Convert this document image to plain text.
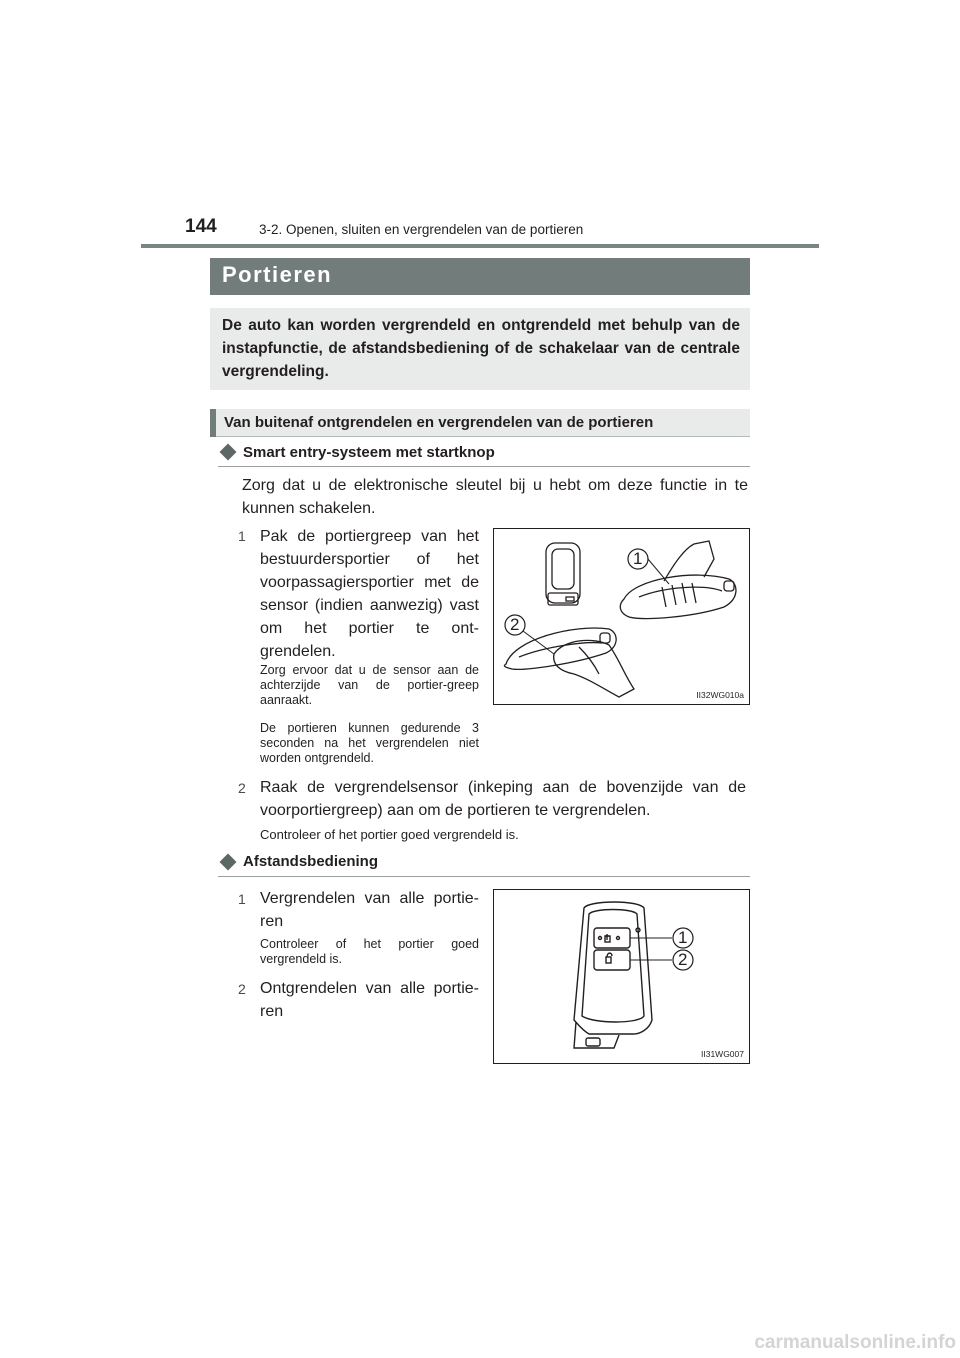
144	3-2. Openen, sluiten en vergrendelen van de portieren
Portieren
De auto kan worden vergrendeld en ontgrendeld met behulp van de instapfunctie, de afstandsbediening of de schakelaar van de centrale vergrendeling.
Van buitenaf ontgrendelen en vergrendelen van de portieren
Smart entry-systeem met startknop
Zorg dat u de elektronische sleutel bij u hebt om deze functie in te kunnen schakelen.
1 Pak de portiergreep van het bestuurdersportier of het voorpassagiersportier met de sensor (indien aanwezig) vast om het portier te ont-grendelen.
Zorg ervoor dat u de sensor aan de achterzijde van de portier-greep aanraakt.
De portieren kunnen gedurende 3 seconden na het vergrendelen niet worden ontgrendeld.
1
2
II32WG010a
2 Raak de vergrendelsensor (inkeping aan de bovenzijde van de voorportiergreep) aan om de portieren te vergrendelen.
Controleer of het portier goed vergrendeld is.
Afstandsbediening
1 Vergrendelen van alle portie-ren
Controleer of het portier goed vergrendeld is.
2 Ontgrendelen van alle portie-ren
1
2
II31WG007
carmanualsonline.info
